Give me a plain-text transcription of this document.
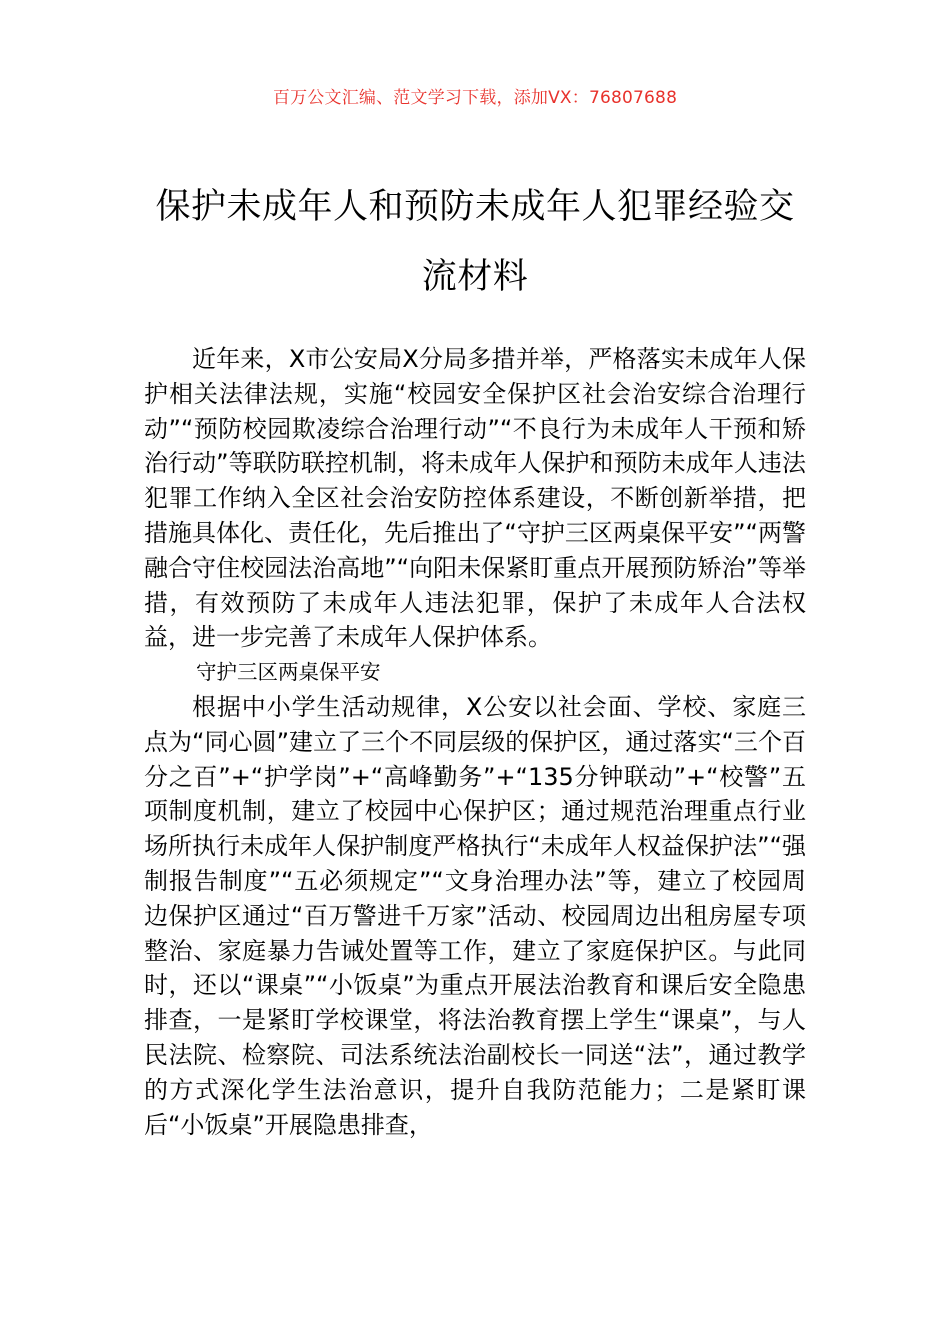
百万公文汇编、范文学习下载，添加VX：76807688
保护未成年人和预防未成年人犯罪经验交流材料

近年来，X市公安局X分局多措并举，严格落实未成年人保护相关法律法规，实施“校园安全保护区社会治安综合治理行动”“预防校园欺凌综合治理行动”“不良行为未成年人干预和矫治行动”等联防联控机制，将未成年人保护和预防未成年人违法犯罪工作纳入全区社会治安防控体系建设，不断创新举措，把措施具体化、责任化，先后推出了“守护三区两桌保平安”“两警融合守住校园法治高地”“向阳未保紧盯重点开展预防矫治”等举措，有效预防了未成年人违法犯罪，保护了未成年人合法权益，进一步完善了未成年人保护体系。

守护三区两桌保平安

根据中小学生活动规律，X公安以社会面、学校、家庭三点为“同心圆”建立了三个不同层级的保护区，通过落实“三个百分之百”+“护学岗”+“高峰勤务”+“135分钟联动”+“校警”五项制度机制，建立了校园中心保护区；通过规范治理重点行业场所执行未成年人保护制度严格执行“未成年人权益保护法”“强制报告制度”“五必须规定”“文身治理办法”等，建立了校园周边保护区通过“百万警进千万家”活动、校园周边出租房屋专项整治、家庭暴力告诫处置等工作，建立了家庭保护区。与此同时，还以“课桌”“小饭桌”为重点开展法治教育和课后安全隐患排查，一是紧盯学校课堂，将法治教育摆上学生“课桌”，与人民法院、检察院、司法系统法治副校长一同送“法”，通过教学的方式深化学生法治意识，提升自我防范能力；二是紧盯课后“小饭桌”开展隐患排查，
